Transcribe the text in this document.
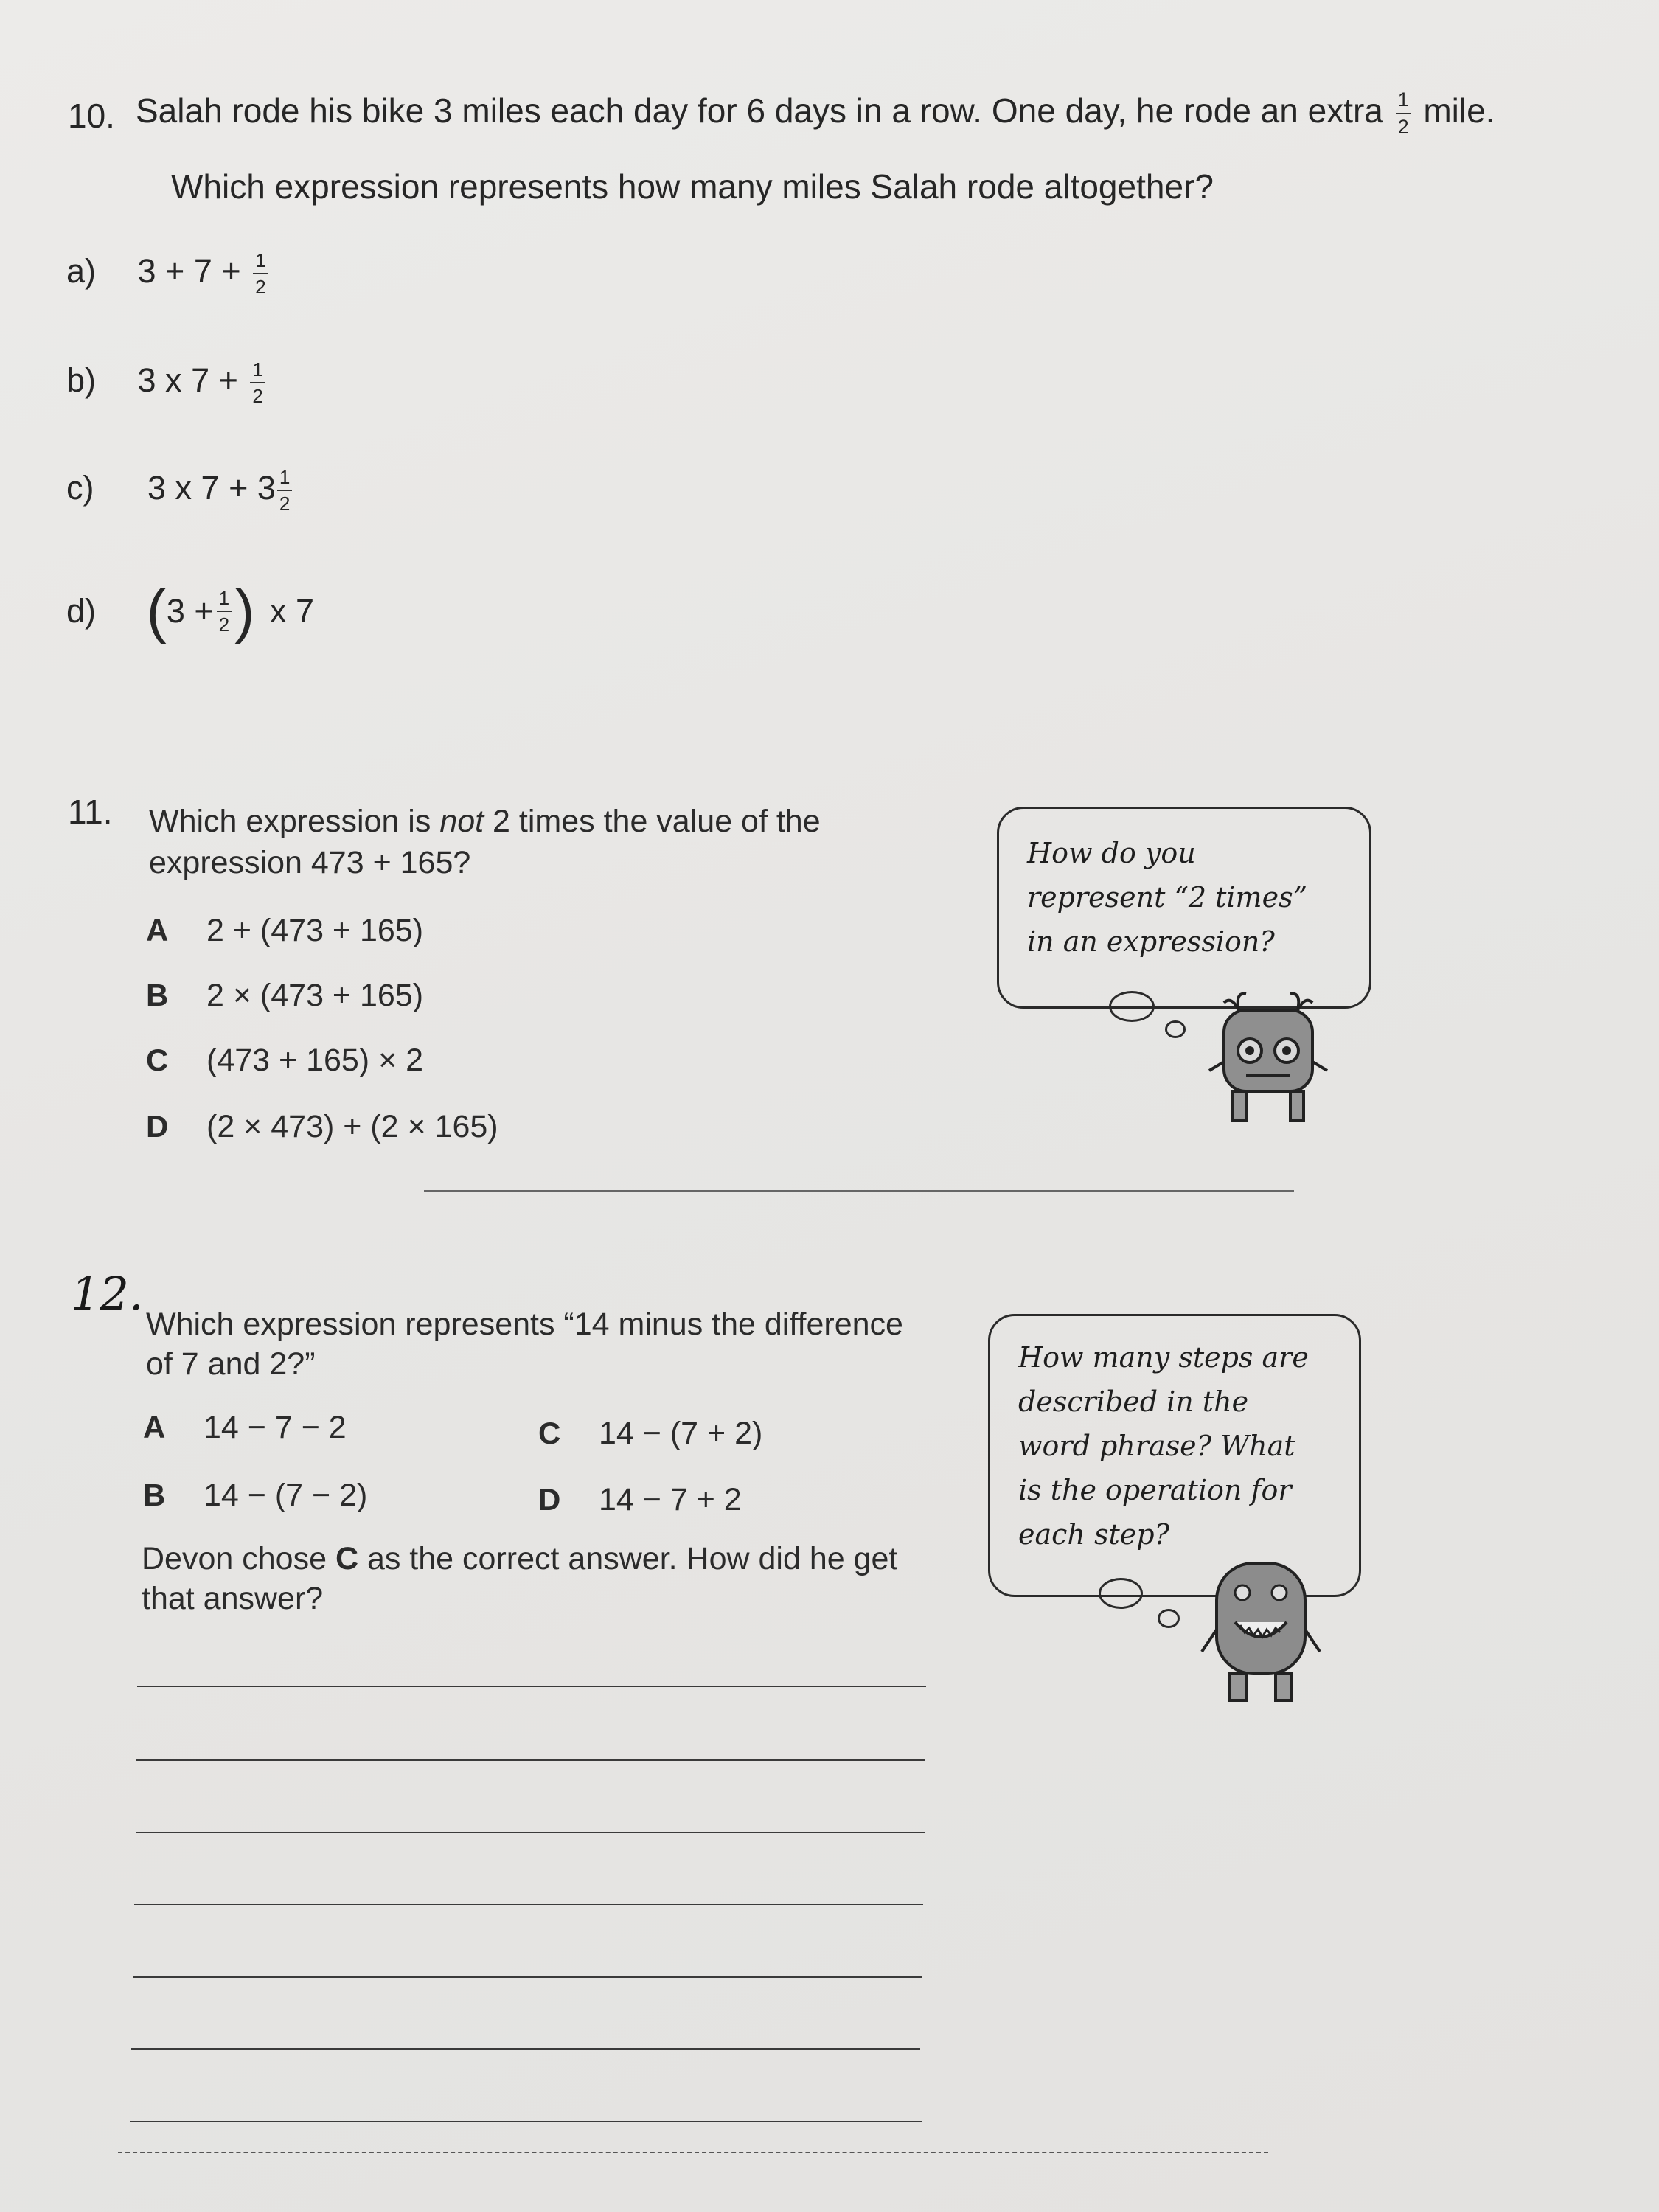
10. Salah rode his bike 3 miles each day for 6 days in a row. One day, he rode an extra $\frac{1}{2}$ mile.
Which expression represents how many miles Salah rode altogether?
a) $3 + 7 + \frac{1}{2}$
b) 3 x $7 + \frac{1}{2}$
c) 3 x $7 + 3 \frac{1}{2}$
d) ($3 + \frac{1}{2}$ ) x 7
11. Which expression is not 2 times the value of the
expression 473 + 165?
A 2 + (473 + 165)
B 2 × (473 + 165)
C (473 + 165) × 2
D (2 × 473) + (2 × 165)
How do you
represent “2 times”
in an expression?
12.
Which expression represents “14 minus the difference
of 7 and 2?”
A 14 − 7 − 2	C 14 − (7 + 2)
B 14 − (7 − 2)	D 14 − 7 + 2
Devon chose C as the correct answer. How did he get
that answer?
How many steps are
described in the
word phrase? What
is the operation for
each step?
